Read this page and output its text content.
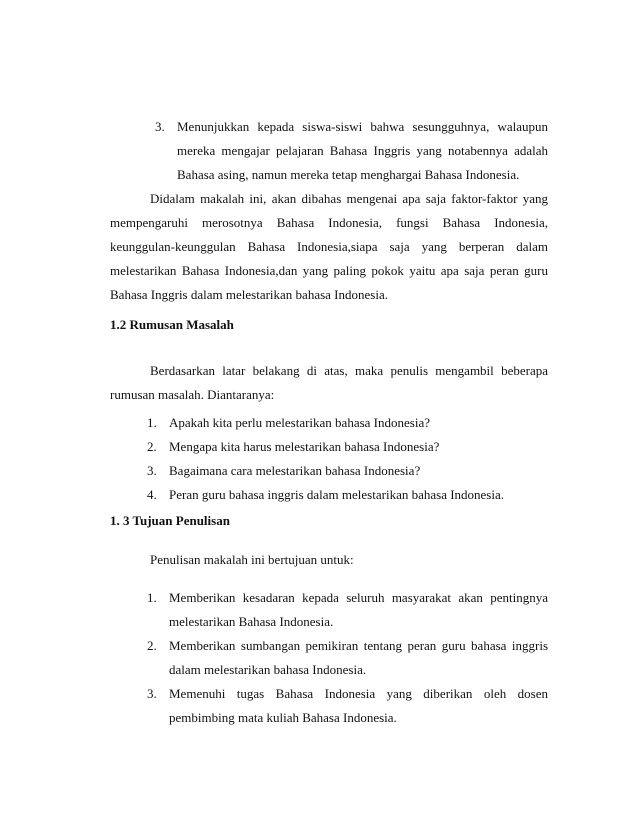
3. Menunjukkan kepada siswa-siswi bahwa sesungguhnya, walaupun mereka mengajar pelajaran Bahasa Inggris yang notabennya adalah Bahasa asing, namun mereka tetap menghargai Bahasa Indonesia.

Didalam makalah ini, akan dibahas mengenai apa saja faktor-faktor yang mempengaruhi merosotnya Bahasa Indonesia, fungsi Bahasa Indonesia, keunggulan-keunggulan Bahasa Indonesia,siapa saja yang berperan dalam melestarikan Bahasa Indonesia,dan yang paling pokok yaitu apa saja peran guru Bahasa Inggris dalam melestarikan bahasa Indonesia.

1.2 Rumusan Masalah

Berdasarkan latar belakang di atas, maka penulis mengambil beberapa rumusan masalah. Diantaranya:

1. Apakah kita perlu melestarikan bahasa Indonesia?
2. Mengapa kita harus melestarikan bahasa Indonesia?
3. Bagaimana cara melestarikan bahasa Indonesia?
4. Peran guru bahasa inggris dalam melestarikan bahasa Indonesia.
1. 3 Tujuan Penulisan

Penulisan makalah ini bertujuan untuk:

1. Memberikan kesadaran kepada seluruh masyarakat akan pentingnya melestarikan Bahasa Indonesia.
2. Memberikan sumbangan pemikiran tentang peran guru bahasa inggris dalam melestarikan bahasa Indonesia.
3. Memenuhi tugas Bahasa Indonesia yang diberikan oleh dosen pembimbing mata kuliah Bahasa Indonesia.
